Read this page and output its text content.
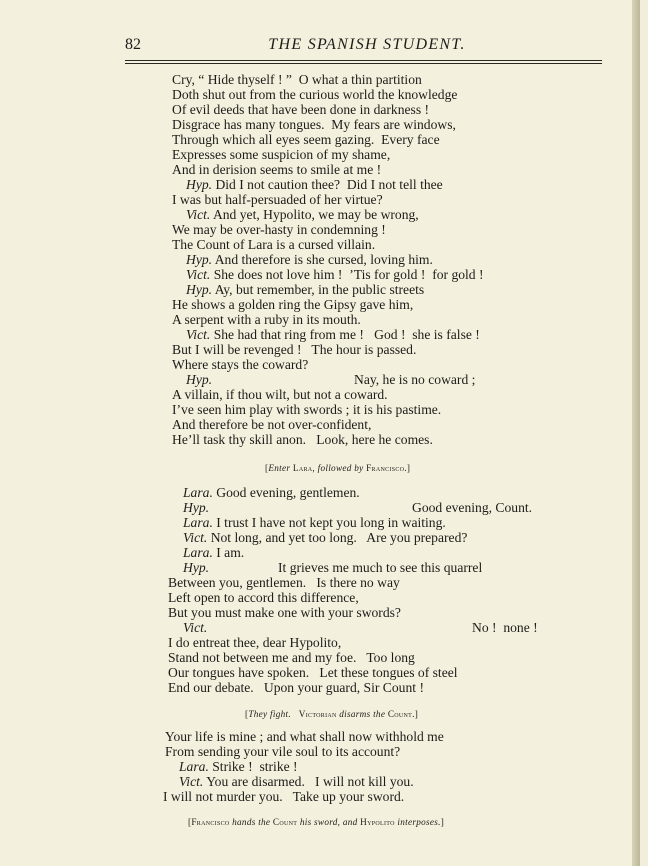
82	THE SPANISH STUDENT.
Cry, “ Hide thyself ! ”  O what a thin partition
Doth shut out from the curious world the knowledge
Of evil deeds that have been done in darkness !
Disgrace has many tongues.  My fears are windows,
Through which all eyes seem gazing.  Every face
Expresses some suspicion of my shame,
And in derision seems to smile at me !
Hyp. Did I not caution thee?  Did I not tell thee
I was but half-persuaded of her virtue?
Vict. And yet, Hypolito, we may be wrong,
We may be over-hasty in condemning !
The Count of Lara is a cursed villain.
Hyp. And therefore is she cursed, loving him.
Vict. She does not love him !  ’Tis for gold !  for gold !
Hyp. Ay, but remember, in the public streets
He shows a golden ring the Gipsy gave him,
A serpent with a ruby in its mouth.
Vict. She had that ring from me !   God !  she is false !
But I will be revenged !   The hour is passed.
Where stays the coward?
Hyp.	Nay, he is no coward ;
A villain, if thou wilt, but not a coward.
I’ve seen him play with swords ; it is his pastime.
And therefore be not over-confident,
He’ll task thy skill anon.   Look, here he comes.
[Enter Lara, followed by Francisco.]
Lara. Good evening, gentlemen.
Hyp.	Good evening, Count.
Lara. I trust I have not kept you long in waiting.
Vict. Not long, and yet too long.   Are you prepared?
Lara. I am.
Hyp.	It grieves me much to see this quarrel
Between you, gentlemen.   Is there no way
Left open to accord this difference,
But you must make one with your swords?
Vict.	No !  none !
I do entreat thee, dear Hypolito,
Stand not between me and my foe.   Too long
Our tongues have spoken.   Let these tongues of steel
End our debate.   Upon your guard, Sir Count !
[They fight. Victorian disarms the Count.]
Your life is mine ; and what shall now withhold me
From sending your vile soul to its account?
Lara. Strike !  strike !
Vict. You are disarmed.   I will not kill you.
I will not murder you.   Take up your sword.
[Francisco hands the Count his sword, and Hypolito interposes.]
